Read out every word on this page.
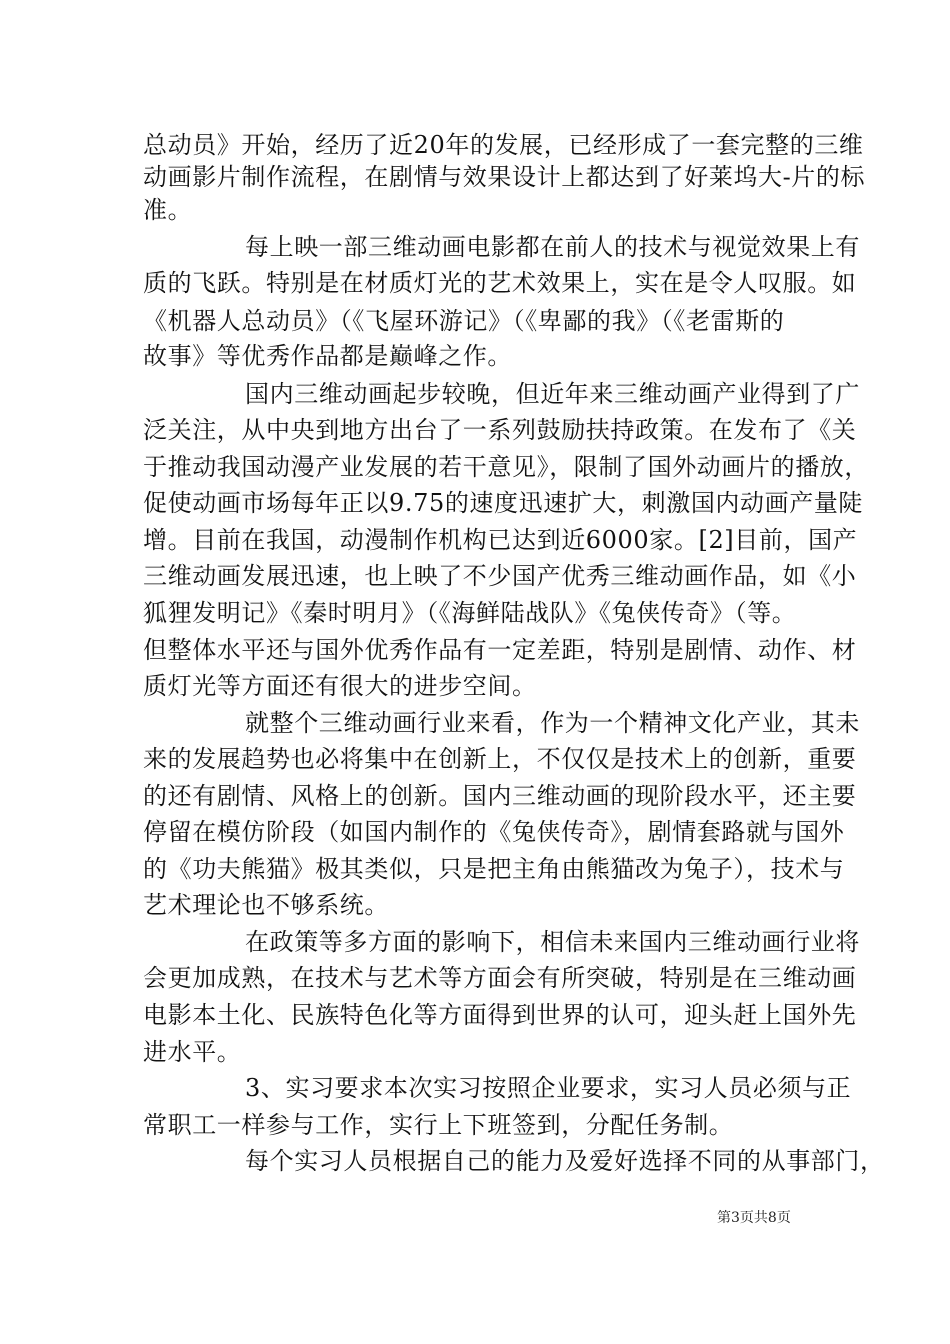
总动员》开始，经历了近20年的发展，已经形成了一套完整的三维
动画影片制作流程，在剧情与效果设计上都达到了好莱坞大-片的标
准。
每上映一部三维动画电影都在前人的技术与视觉效果上有
质的飞跃。特别是在材质灯光的艺术效果上，实在是令人叹服。如
《机器人总动员》（《飞屋环游记》（《卑鄙的我》（《老雷斯的
故事》等优秀作品都是巅峰之作。
国内三维动画起步较晚，但近年来三维动画产业得到了广
泛关注，从中央到地方出台了一系列鼓励扶持政策。在发布了《关
于推动我国动漫产业发展的若干意见》，限制了国外动画片的播放，
促使动画市场每年正以9.75的速度迅速扩大，刺激国内动画产量陡
增。目前在我国，动漫制作机构已达到近6000家。[2]目前，国产
三维动画发展迅速，也上映了不少国产优秀三维动画作品，如《小
狐狸发明记》《秦时明月》（《海鲜陆战队》《兔侠传奇》（等。
但整体水平还与国外优秀作品有一定差距，特别是剧情、动作、材
质灯光等方面还有很大的进步空间。
就整个三维动画行业来看，作为一个精神文化产业，其未
来的发展趋势也必将集中在创新上，不仅仅是技术上的创新，重要
的还有剧情、风格上的创新。国内三维动画的现阶段水平，还主要
停留在模仿阶段（如国内制作的《兔侠传奇》，剧情套路就与国外
的《功夫熊猫》极其类似，只是把主角由熊猫改为兔子），技术与
艺术理论也不够系统。
在政策等多方面的影响下，相信未来国内三维动画行业将
会更加成熟，在技术与艺术等方面会有所突破，特别是在三维动画
电影本土化、民族特色化等方面得到世界的认可，迎头赶上国外先
进水平。
3、实习要求本次实习按照企业要求，实习人员必须与正
常职工一样参与工作，实行上下班签到，分配任务制。
每个实习人员根据自己的能力及爱好选择不同的从事部门，
第3页共8页
